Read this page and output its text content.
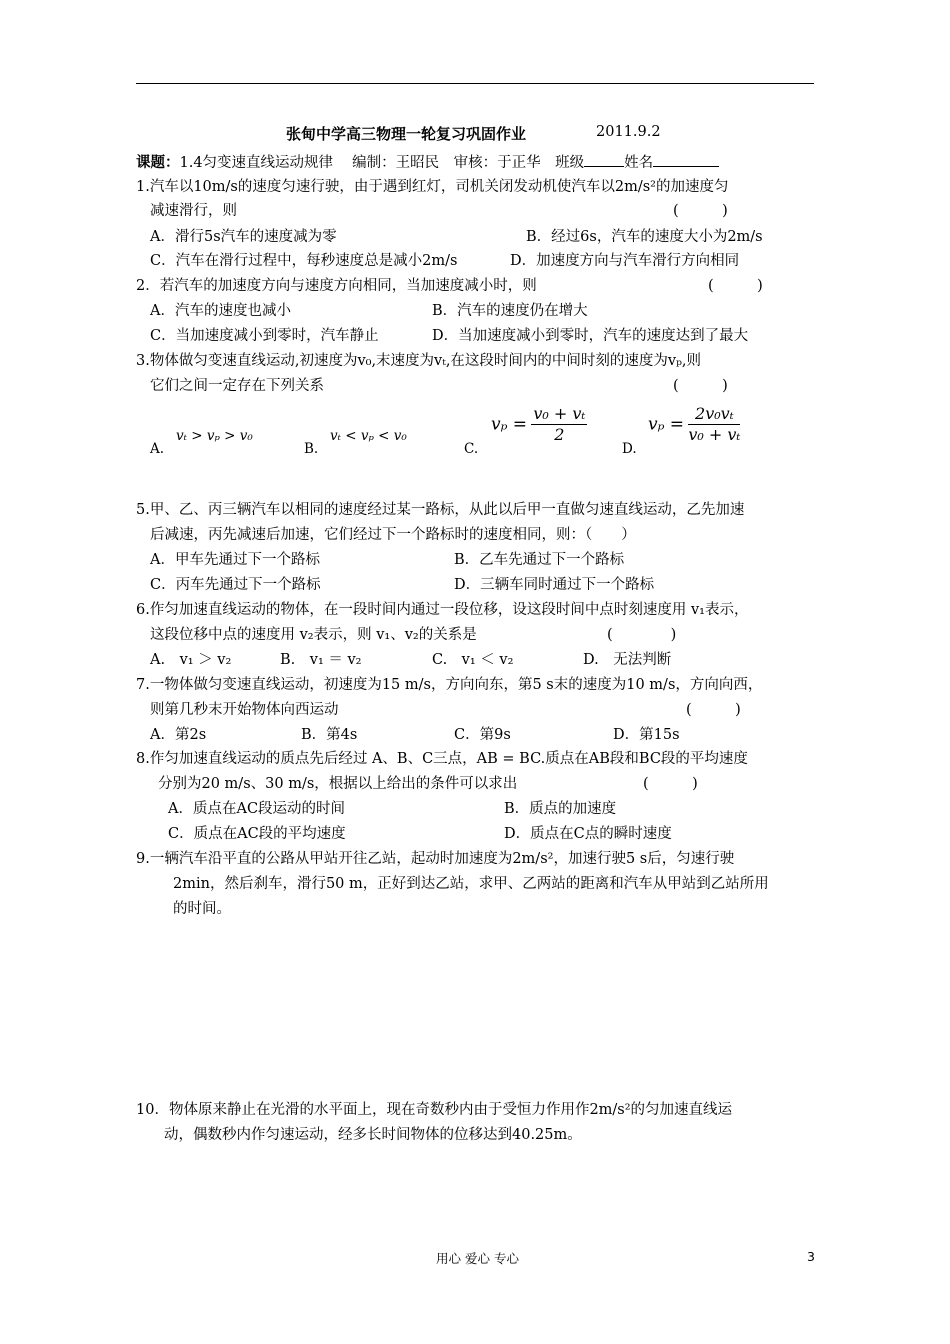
张甸中学高三物理一轮复习巩固作业	2011.9.2
课题：1.4匀变速直线运动规律　 编制：王昭民　审核：于正华　班级	姓名
1.汽车以10m/s的速度匀速行驶，由于遇到红灯，司机关闭发动机使汽车以2m/s²的加速度匀
减速滑行，则	(　　　)
A．滑行5s汽车的速度减为零	B．经过6s，汽车的速度大小为2m/s
C．汽车在滑行过程中，每秒速度总是减小2m/s	D．加速度方向与汽车滑行方向相同
2．若汽车的加速度方向与速度方向相同，当加速度减小时，则	(　　　)
A．汽车的速度也减小	B．汽车的速度仍在增大
C．当加速度减小到零时，汽车静止	D．当加速度减小到零时，汽车的速度达到了最大
3.物体做匀变速直线运动,初速度为v₀,末速度为vₜ,在这段时间内的中间时刻的速度为vₚ,则
它们之间一定存在下列关系	(　　　)
A.
vₜ > vₚ > v₀
B.
vₜ < vₚ < v₀
C.
$v_p = \frac{\text{v₀ + vₜ}}{2}$
D.
$v_p = \frac{\text{2v₀vₜ}}{\text{v₀ + vₜ}}$
5.甲、乙、丙三辆汽车以相同的速度经过某一路标，从此以后甲一直做匀速直线运动，乙先加速
后减速，丙先减速后加速，它们经过下一个路标时的速度相同，则：（　　）
A．甲车先通过下一个路标	B．乙车先通过下一个路标
C．丙车先通过下一个路标	D．三辆车同时通过下一个路标
6.作匀加速直线运动的物体，在一段时间内通过一段位移，设这段时间中点时刻速度用 v₁表示，
这段位移中点的速度用 v₂表示，则 v₁、v₂的关系是	(　　　　)
A.　v₁ ＞ v₂	B.　v₁ ＝ v₂	C.　v₁ ＜ v₂	D.　无法判断
7.一物体做匀变速直线运动，初速度为15 m/s，方向向东，第5 s末的速度为10 m/s，方向向西，
则第几秒末开始物体向西运动	(　　　)
A．第2s	B．第4s	C．第9s	D．第15s
8.作匀加速直线运动的质点先后经过 A、B、C三点，AB = BC.质点在AB段和BC段的平均速度
分别为20 m/s、30 m/s，根据以上给出的条件可以求出	(　　　)
A．质点在AC段运动的时间	B．质点的加速度
C．质点在AC段的平均速度	D．质点在C点的瞬时速度
9.一辆汽车沿平直的公路从甲站开往乙站，起动时加速度为2m/s²，加速行驶5 s后，匀速行驶
2min，然后刹车，滑行50 m，正好到达乙站，求甲、乙两站的距离和汽车从甲站到乙站所用
的时间。
10．物体原来静止在光滑的水平面上，现在奇数秒内由于受恒力作用作2m/s²的匀加速直线运
动，偶数秒内作匀速运动，经多长时间物体的位移达到40.25m。
用心 爱心 专心	3
